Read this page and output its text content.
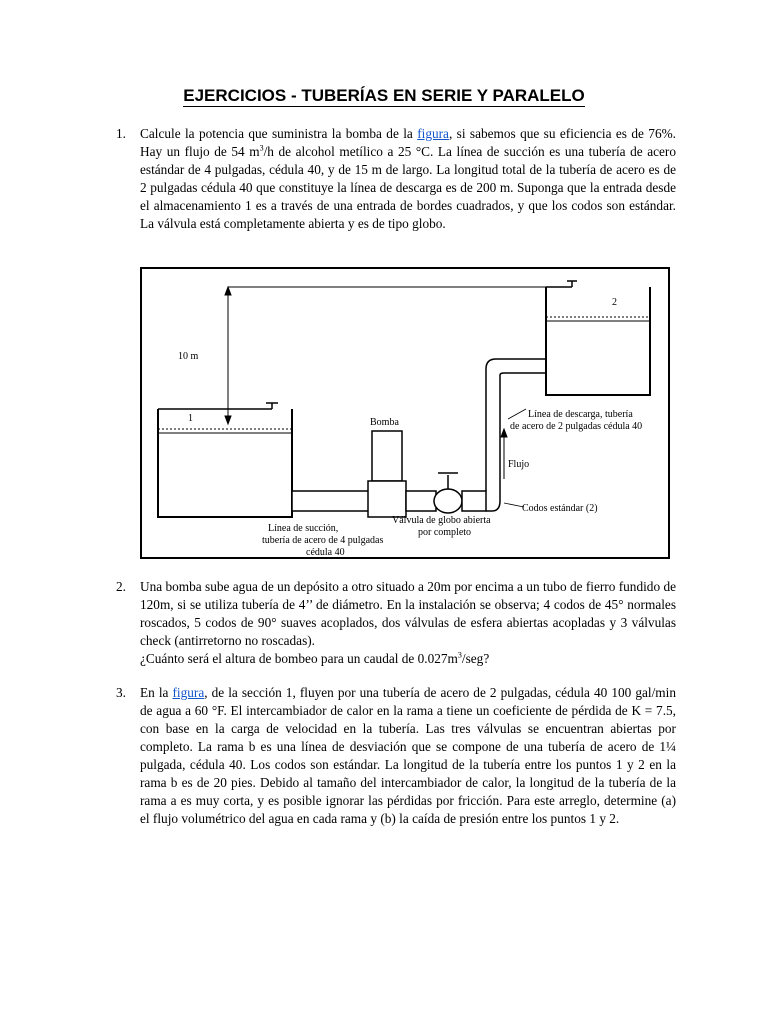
EJERCICIOS - TUBERÍAS EN SERIE Y PARALELO
1. Calcule la potencia que suministra la bomba de la figura, si sabemos que su eficiencia es de 76%. Hay un flujo de 54 $m^3/h$ de alcohol metílico a 25 °C. La línea de succión es una tubería de acero estándar de 4 pulgadas, cédula 40, y de 15 m de largo. La longitud total de la tubería de acero es de 2 pulgadas cédula 40 que constituye la línea de descarga es de 200 m. Suponga que la entrada desde el almacenamiento 1 es a través de una entrada de bordes cuadrados, y que los codos son estándar. La válvula está completamente abierta y es de tipo globo.
10 m
1
2
Bomba
Flujo
Línea de descarga, tubería
de acero de 2 pulgadas cédula 40
Codos estándar (2)
Válvula de globo abierta
por completo
Línea de succión,
tubería de acero de 4 pulgadas
cédula 40
2. Una bomba sube agua de un depósito a otro situado a 20m por encima a un tubo de fierro fundido de 120m, si se utiliza tubería de 4’’ de diámetro. En la instalación se observa; 4 codos de 45° normales roscados, 5 codos de 90° suaves acoplados, dos válvulas de esfera abiertas acopladas y 3 válvulas check (antirretorno no roscadas).
¿Cuánto será el altura de bombeo para un caudal de $0.027m^3$/seg?
3. En la figura, de la sección 1, fluyen por una tubería de acero de 2 pulgadas, cédula 40 100 gal/min de agua a 60 °F. El intercambiador de calor en la rama a tiene un coeficiente de pérdida de K = 7.5, con base en la carga de velocidad en la tubería. Las tres válvulas se encuentran abiertas por completo. La rama b es una línea de desviación que se compone de una tubería de acero de 1¼ pulgada, cédula 40. Los codos son estándar. La longitud de la tubería entre los puntos 1 y 2 en la rama b es de 20 pies. Debido al tamaño del intercambiador de calor, la longitud de la tubería de la rama a es muy corta, y es posible ignorar las pérdidas por fricción. Para este arreglo, determine (a) el flujo volumétrico del agua en cada rama y (b) la caída de presión entre los puntos 1 y 2.
